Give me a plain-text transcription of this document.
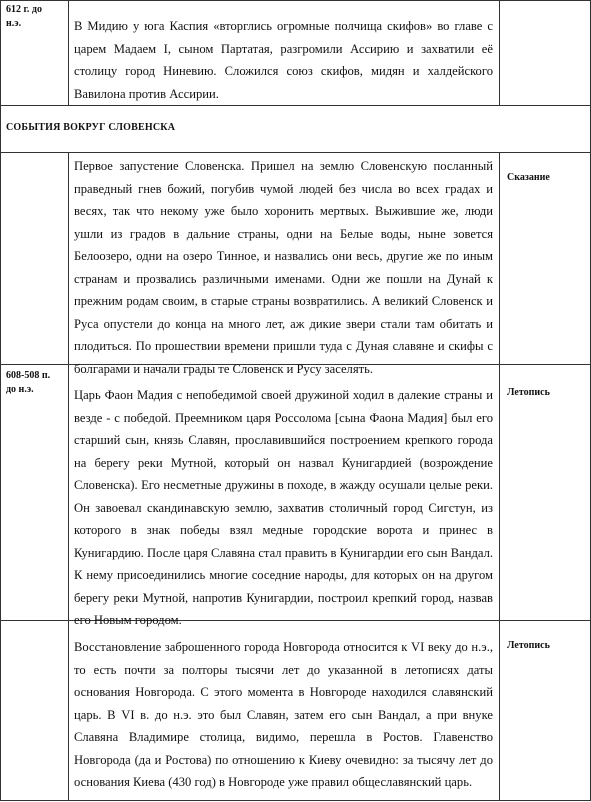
612 г. до
н.э.	В Мидию у юга Каспия «вторглись огромные полчища скифов» во главе с царем Мадаем I, сыном Партатая, разгромили Ассирию и захватили её столицу город Ниневию. Сложился союз скифов, мидян и халдейского Вавилона против Ассирии.
СОБЫТИЯ ВОКРУГ СЛОВЕНСКА
Первое запустение Словенска. Пришел на землю Словенскую посланный праведный гнев божий, погубив чумой людей без числа во всех градах и весях, так что некому уже было хоронить мертвых. Выжившие же, люди ушли из градов в дальние страны, одни на Белые воды, ныне зовется Белоозеро, одни на озеро Тинное, и назвались они весь, другие же по иным странам и прозвались различными именами. Одни же пошли на Дунай к прежним родам своим, в старые страны возвратились. А великий Словенск и Руса опустели до конца на много лет, аж дикие звери стали там обитать и плодиться. По прошествии времени пришли туда с Дуная славяне и скифы с болгарами и начали грады те Словенск и Русу заселять.
Сказание
608-508 п.
до н.э.	Царь Фаон Мадия с непобедимой своей дружиной ходил в далекие страны и везде - с победой. Преемником царя Россолома [сына Фаона Мадия] был его старший сын, князь Славян, прославившийся построением крепкого города на берегу реки Мутной, который он назвал Кунигардией (возрождение Словенска). Его несметные дружины в походе, в жажду осушали целые реки. Он завоевал скандинавскую землю, захватив столичный город Сигстун, из которого в знак победы взял медные городские ворота и принес в Кунигардию. После царя Славяна стал править в Кунигардии его сын Вандал. К нему присоединились многие соседние народы, для которых он на другом берегу реки Мутной, напротив Кунигардии, построил крепкий город, назвав его Новым городом.
Летопись
Восстановление заброшенного города Новгорода относится к VI веку до н.э., то есть почти за полторы тысячи лет до указанной в летописях даты основания Новгорода. С этого момента в Новгороде находился славянский царь. В VI в. до н.э. это был Славян, затем его сын Вандал, а при внуке Славяна Владимире столица, видимо, перешла в Ростов. Главенство Новгорода (да и Ростова) по отношению к Киеву очевидно: за тысячу лет до основания Киева (430 год) в Новгороде уже правил общеславянский царь.
Летопись
